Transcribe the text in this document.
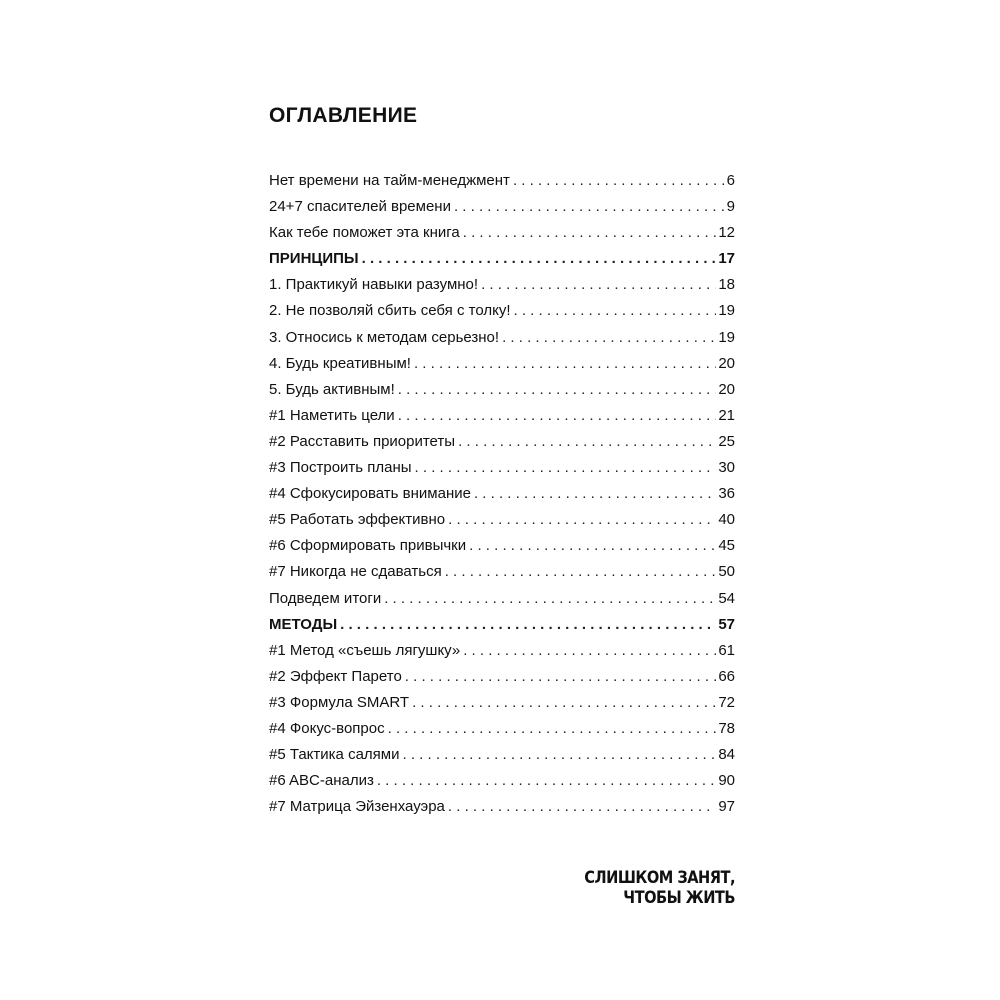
ОГЛАВЛЕНИЕ
Нет времени на тайм-менеджмент . . .	6
24+7 спасителей времени . . .	9
Как тебе поможет эта книга . . .	12
ПРИНЦИПЫ . . .	17
1. Практикуй навыки разумно! . . .	18
2. Не позволяй сбить себя с толку! . . .	19
3. Относись к методам серьезно! . . .	19
4. Будь креативным! . . .	20
5. Будь активным! . . .	20
#1 Наметить цели . . .	21
#2 Расставить приоритеты . . .	25
#3 Построить планы . . .	30
#4 Сфокусировать внимание . . .	36
#5 Работать эффективно . . .	40
#6 Сформировать привычки . . .	45
#7 Никогда не сдаваться . . .	50
Подведем итоги . . .	54
МЕТОДЫ . . .	57
#1 Метод «съешь лягушку» . . .	61
#2 Эффект Парето . . .	66
#3 Формула SMART . . .	72
#4 Фокус-вопрос . . .	78
#5 Тактика салями . . .	84
#6 ABC-анализ . . .	90
#7 Матрица Эйзенхауэра . . .	97

СЛИШКОМ ЗАНЯТ, ЧТОБЫ ЖИТЬ
